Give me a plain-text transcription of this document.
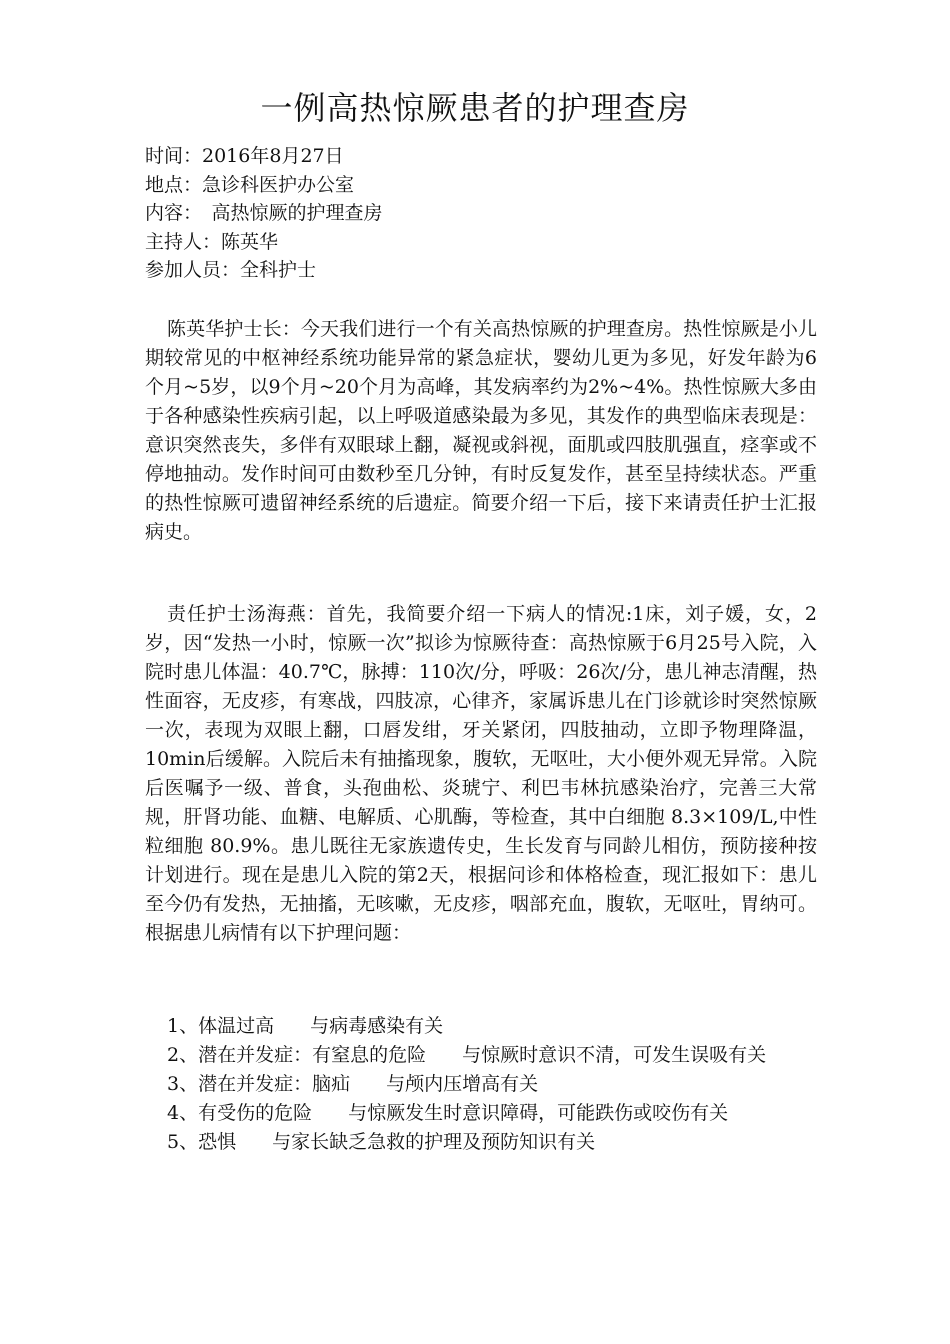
一例高热惊厥患者的护理查房
时间：2016年8月27日
地点：急诊科医护办公室
内容：　高热惊厥的护理查房
主持人：陈英华
参加人员：全科护士

陈英华护士长：今天我们进行一个有关高热惊厥的护理查房。热性惊厥是小儿期较常见的中枢神经系统功能异常的紧急症状，婴幼儿更为多见，好发年龄为6个月~5岁，以9个月~20个月为高峰，其发病率约为2%~4%。热性惊厥大多由于各种感染性疾病引起，以上呼吸道感染最为多见，其发作的典型临床表现是：意识突然丧失，多伴有双眼球上翻，凝视或斜视，面肌或四肢肌强直，痉挛或不停地抽动。发作时间可由数秒至几分钟，有时反复发作，甚至呈持续状态。严重的热性惊厥可遗留神经系统的后遗症。简要介绍一下后，接下来请责任护士汇报病史。

责任护士汤海燕：首先，我简要介绍一下病人的情况:1床，刘子媛，女，2岁，因“发热一小时，惊厥一次”拟诊为惊厥待查：高热惊厥于6月25号入院，入院时患儿体温：40.7℃，脉搏：110次/分，呼吸：26次/分，患儿神志清醒，热性面容，无皮疹，有寒战，四肢凉，心律齐，家属诉患儿在门诊就诊时突然惊厥一次，表现为双眼上翻，口唇发绀，牙关紧闭，四肢抽动，立即予物理降温，10min后缓解。入院后未有抽搐现象，腹软，无呕吐，大小便外观无异常。入院后医嘱予一级、普食，头孢曲松、炎琥宁、利巴韦林抗感染治疗，完善三大常规，肝肾功能、血糖、电解质、心肌酶，等检查，其中白细胞 8.3×109/L,中性粒细胞 80.9%。患儿既往无家族遗传史，生长发育与同龄儿相仿，预防接种按计划进行。现在是患儿入院的第2天，根据问诊和体格检查，现汇报如下：患儿至今仍有发热，无抽搐，无咳嗽，无皮疹，咽部充血，腹软，无呕吐，胃纳可。根据患儿病情有以下护理问题：

1、体温过高 与病毒感染有关
2、潜在并发症：有窒息的危险 与惊厥时意识不清，可发生误吸有关
3、潜在并发症：脑疝 与颅内压增高有关
4、有受伤的危险 与惊厥发生时意识障碍，可能跌伤或咬伤有关
5、恐惧 与家长缺乏急救的护理及预防知识有关
